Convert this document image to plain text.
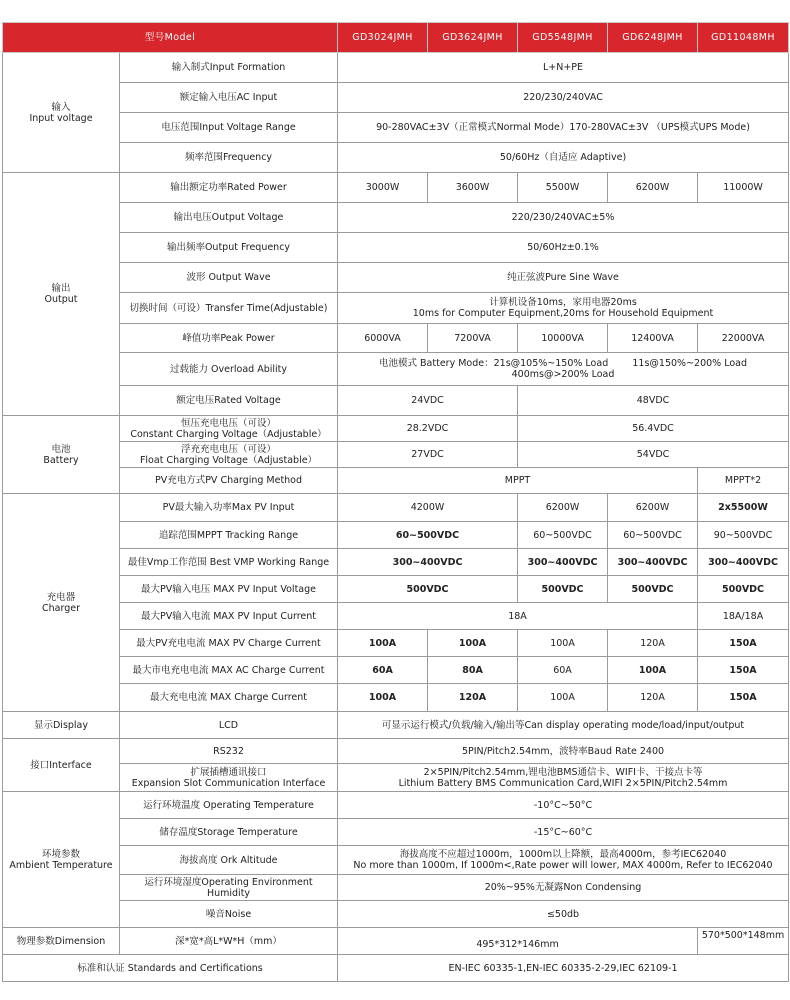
型号Model		GD3024JMH	GD3624JMH	GD5548JMH	GD6248JMH	GD11048MH

输入
Input voltage	输入制式Input Formation	L+N+PE				
	额定输入电压AC Input	220/230/240VAC				
	电压范围Input Voltage Range	90-280VAC±3V（正常模式Normal Mode）170-280VAC±3V （UPS模式UPS Mode)				
	频率范围Frequency	50/60Hz（自适应 Adaptive)				

输出
Output	输出额定功率Rated Power	3000W	3600W	5500W	6200W	11000W
	输出电压Output Voltage	220/230/240VAC±5%				
	输出频率Output Frequency	50/60Hz±0.1%				
	波形 Output Wave	纯正弦波Pure Sine Wave				
	切换时间（可设）Transfer Time(Adjustable)	计算机设备10ms，家用电器20ms
10ms for Computer Equipment,20ms for Household Equipment				

	峰值功率Peak Power	6000VA	7200VA	10000VA	12400VA	22000VA
	过载能力 Overload Ability	电池模式 Battery Mode：21s@105%~150% Load        11s@150%~200% Load
400ms@>200% Load				

	额定电压Rated Voltage	24VDC		48VDC		

电池
Battery	恒压充电电压（可设）
Constant Charging Voltage（Adjustable）	28.2VDC		56.4VDC		

	浮充充电电压（可设）
Float Charging Voltage（Adjustable）	27VDC		54VDC		
	PV充电方式PV Charging Method	MPPT				MPPT*2

充电器
Charger	PV最大输入功率Max PV Input	4200W		6200W	6200W	2x5500W
	追踪范围MPPT Tracking Range	60~500VDC		60~500VDC	60~500VDC	90~500VDC
	最佳Vmp工作范围 Best VMP Working Range	300~400VDC		300~400VDC	300~400VDC	300~400VDC
	最大PV输入电压 MAX PV Input Voltage	500VDC		500VDC	500VDC	500VDC
	最大PV输入电流 MAX PV Input Current	18A				18A/18A
	最大PV充电电流 MAX PV Charge Current	100A	100A	100A	120A	150A
	最大市电充电电流 MAX AC Charge Current	60A	80A	60A	100A	150A
	最大充电电流 MAX Charge Current	100A	120A	100A	120A	150A
显示Display	LCD	可显示运行模式/负载/输入/输出等Can display operating mode/load/input/output				
接口Interface	RS232	5PIN/Pitch2.54mm，波特率Baud Rate 2400				

	扩展插槽通讯接口
Expansion Slot Communication Interface	2×5PIN/Pitch2.54mm,锂电池BMS通信卡、WIFI卡、干接点卡等
Lithium Battery BMS Communication Card,WIFI 2×5PIN/Pitch2.54mm				

环境参数
Ambient Temperature	运行环境温度 Operating Temperature	-10°C~50°C				
	储存温度Storage Temperature	-15°C~60°C				
	海拔高度 Ork Altitude	海拔高度不应超过1000m，1000m以上降额，最高4000m，参考IEC62040
No more than 1000m, If 1000m<,Rate power will lower, MAX 4000m, Refer to IEC62040				

	运行环境湿度Operating Environment Humidity	20%~95%无凝露Non Condensing				
	噪音Noise	≤50db				
物理参数Dimension	深*宽*高L*W*H（mm）	495*312*146mm				570*500*148mm
标准和认证 Standards and Certifications		EN-IEC 60335-1,EN-IEC 60335-2-29,IEC 62109-1				
